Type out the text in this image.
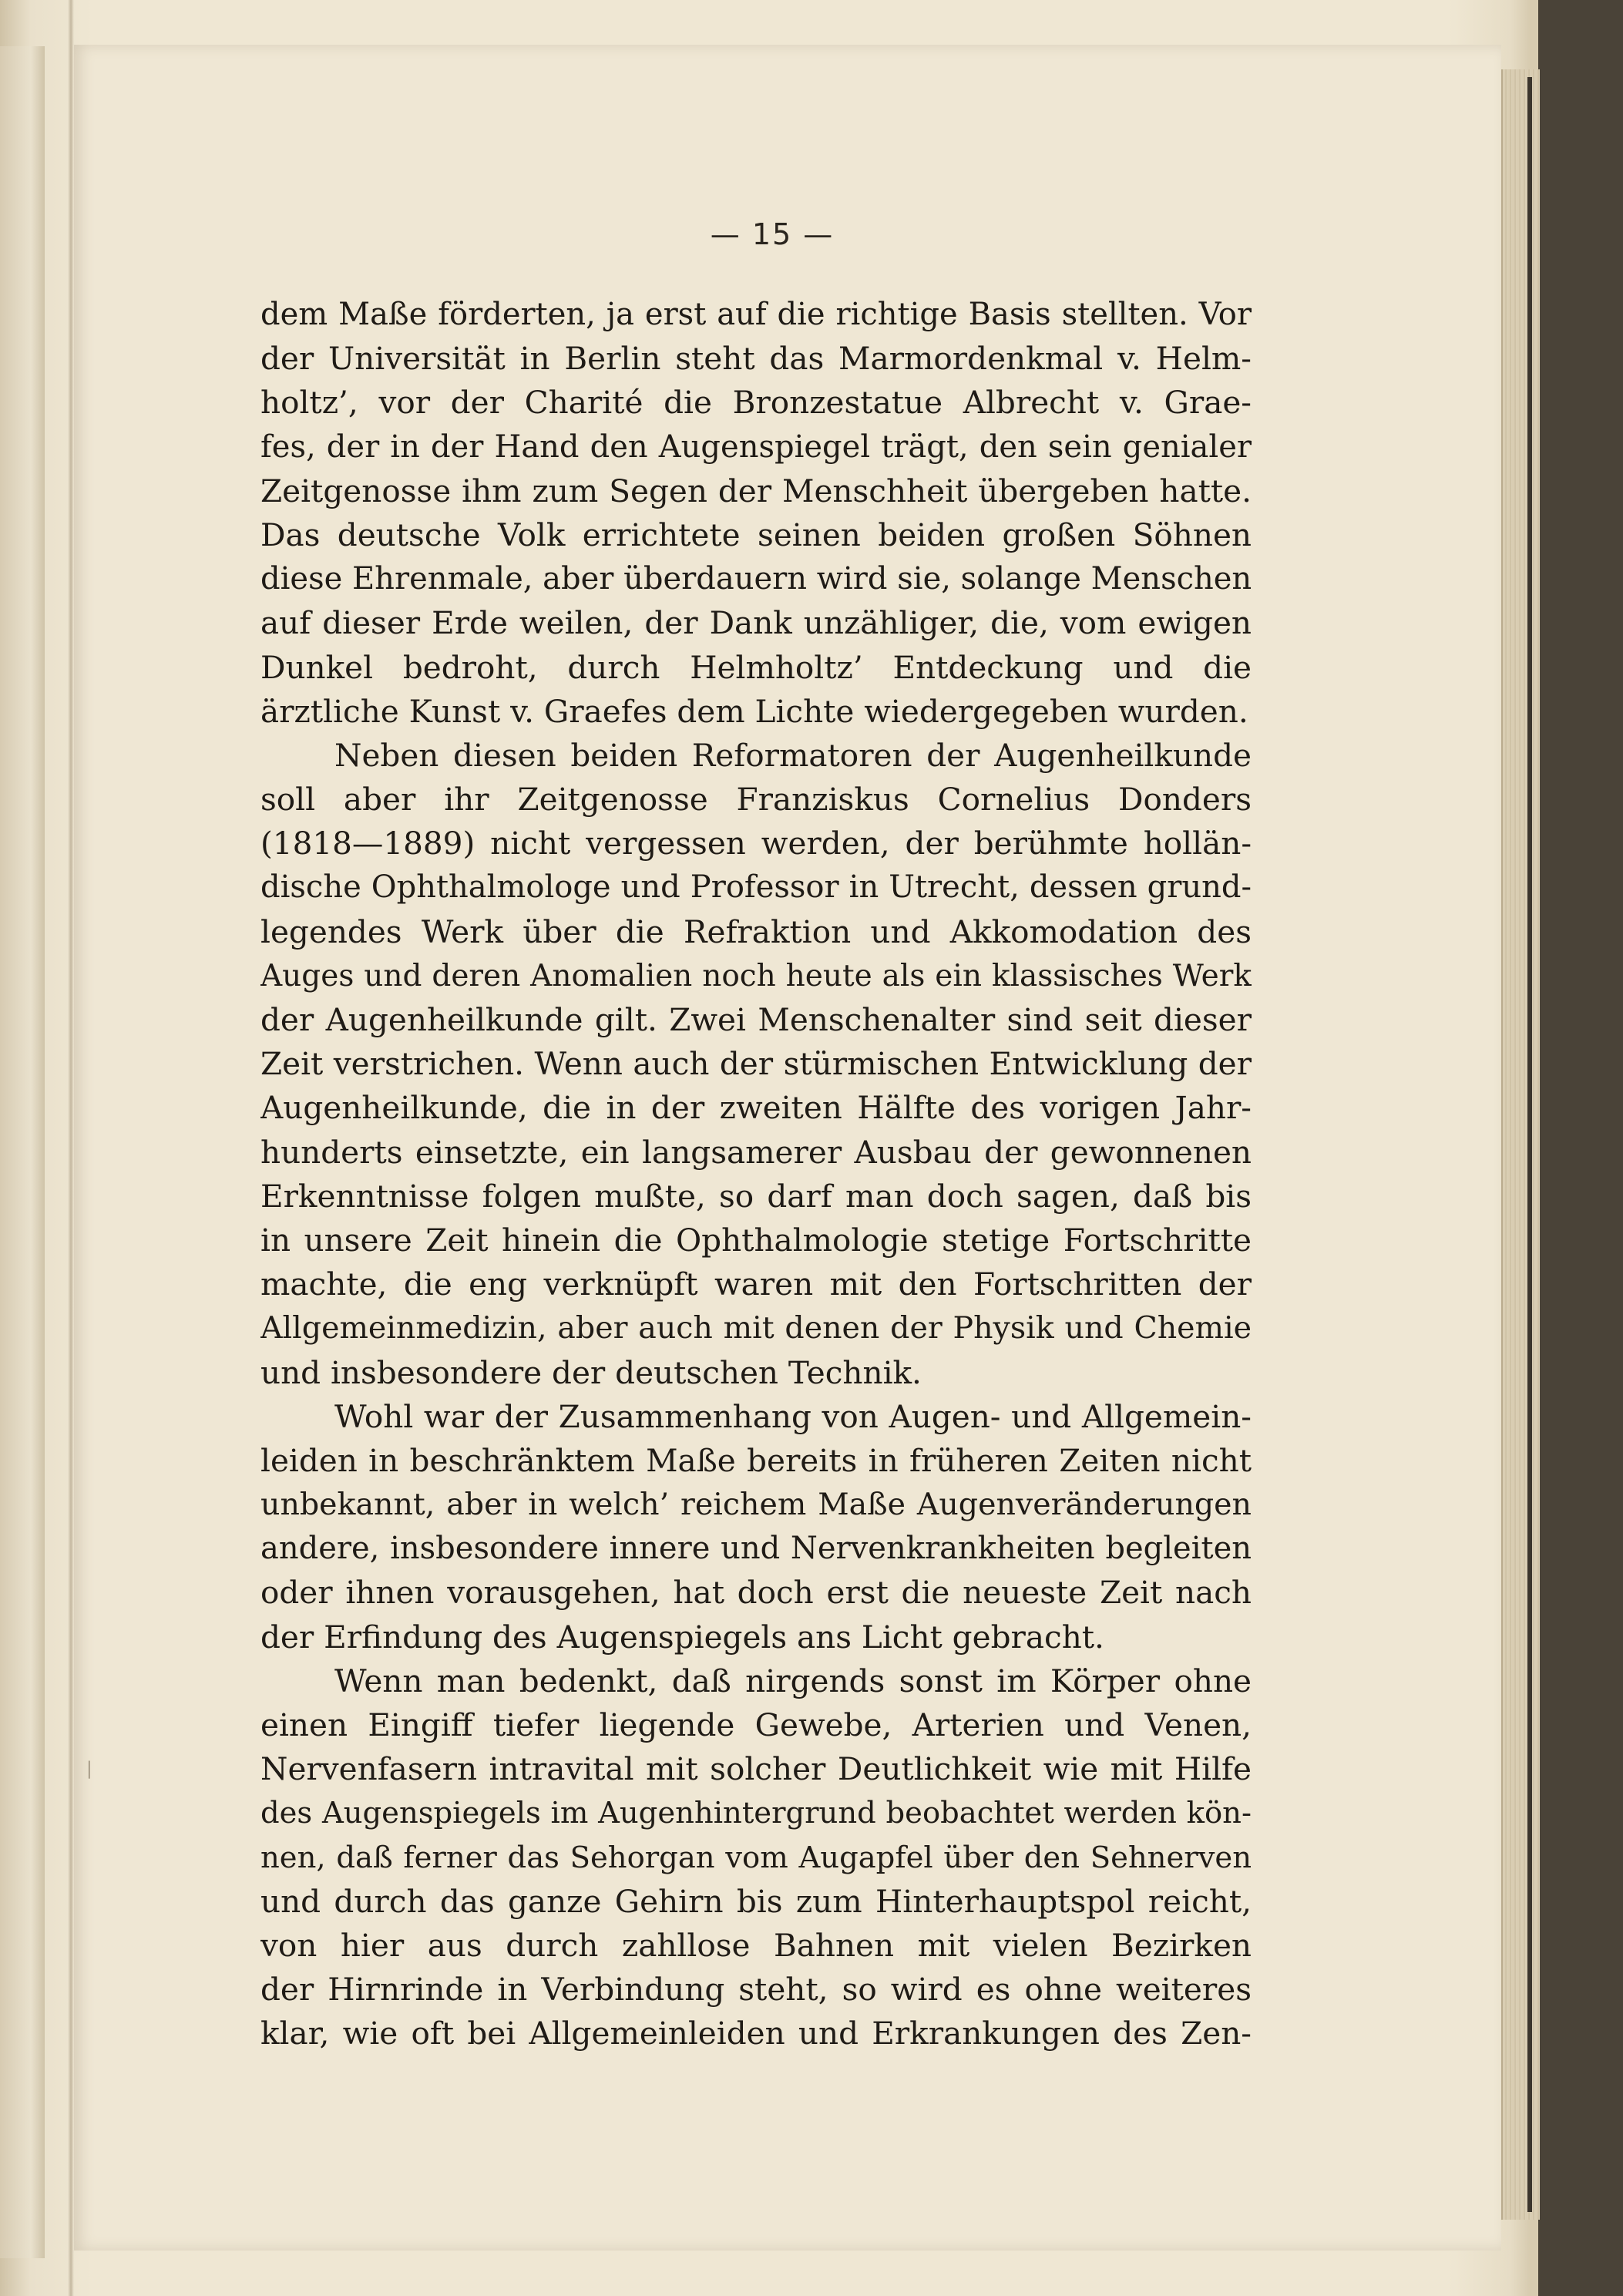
— 15 —
dem Maße förderten, ja erst auf die richtige Basis stellten. Vor
der Universität in Berlin steht das Marmordenkmal v. Helm-
holtz’, vor der Charité die Bronzestatue Albrecht v. Grae-
fes, der in der Hand den Augenspiegel trägt, den sein genialer
Zeitgenosse ihm zum Segen der Menschheit übergeben hatte.
Das deutsche Volk errichtete seinen beiden großen Söhnen
diese Ehrenmale, aber überdauern wird sie, solange Menschen
auf dieser Erde weilen, der Dank unzähliger, die, vom ewigen
Dunkel bedroht, durch Helmholtz’ Entdeckung und die
ärztliche Kunst v. Graefes dem Lichte wiedergegeben wurden.
Neben diesen beiden Reformatoren der Augenheilkunde
soll aber ihr Zeitgenosse Franziskus Cornelius Donders
(1818—1889) nicht vergessen werden, der berühmte hollän-
dische Ophthalmologe und Professor in Utrecht, dessen grund-
legendes Werk über die Refraktion und Akkomodation des
Auges und deren Anomalien noch heute als ein klassisches Werk
der Augenheilkunde gilt. Zwei Menschenalter sind seit dieser
Zeit verstrichen. Wenn auch der stürmischen Entwicklung der
Augenheilkunde, die in der zweiten Hälfte des vorigen Jahr-
hunderts einsetzte, ein langsamerer Ausbau der gewonnenen
Erkenntnisse folgen mußte, so darf man doch sagen, daß bis
in unsere Zeit hinein die Ophthalmologie stetige Fortschritte
machte, die eng verknüpft waren mit den Fortschritten der
Allgemeinmedizin, aber auch mit denen der Physik und Chemie
und insbesondere der deutschen Technik.
Wohl war der Zusammenhang von Augen- und Allgemein-
leiden in beschränktem Maße bereits in früheren Zeiten nicht
unbekannt, aber in welch’ reichem Maße Augenveränderungen
andere, insbesondere innere und Nervenkrankheiten begleiten
oder ihnen vorausgehen, hat doch erst die neueste Zeit nach
der Erfindung des Augenspiegels ans Licht gebracht.
Wenn man bedenkt, daß nirgends sonst im Körper ohne
einen Eingiff tiefer liegende Gewebe, Arterien und Venen,
Nervenfasern intravital mit solcher Deutlichkeit wie mit Hilfe
des Augenspiegels im Augenhintergrund beobachtet werden kön-
nen, daß ferner das Sehorgan vom Augapfel über den Sehnerven
und durch das ganze Gehirn bis zum Hinterhauptspol reicht,
von hier aus durch zahllose Bahnen mit vielen Bezirken
der Hirnrinde in Verbindung steht, so wird es ohne weiteres
klar, wie oft bei Allgemeinleiden und Erkrankungen des Zen-
ᛁ
